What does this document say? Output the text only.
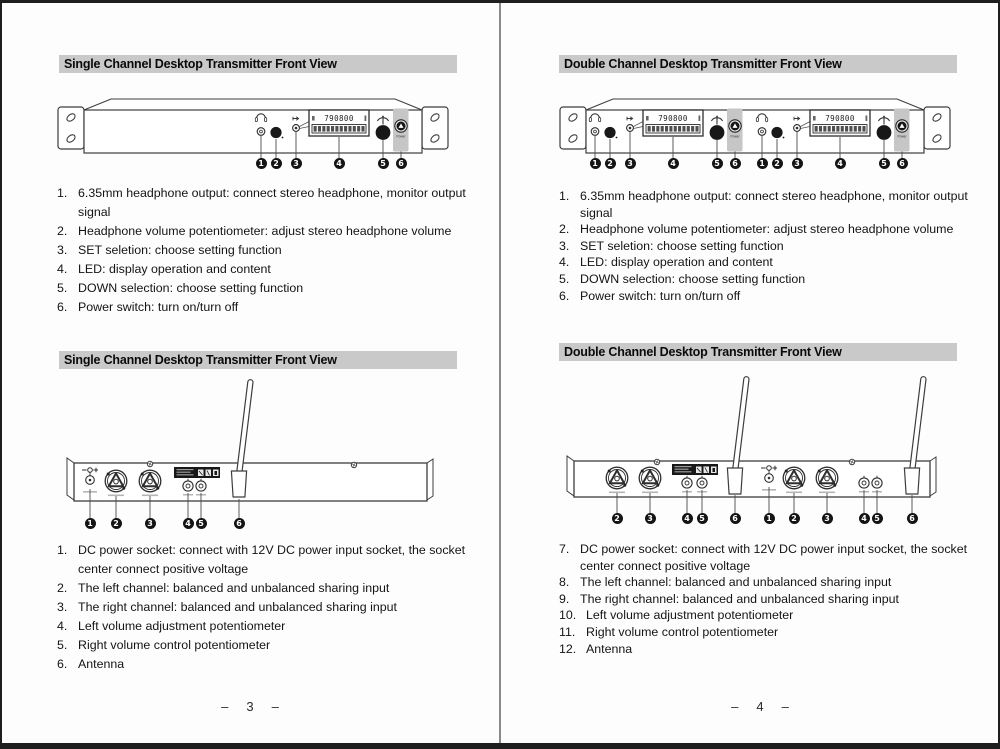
Single Channel Desktop Transmitter Front View
790800
Power
1	2	3	4	5	6
1. 6.35mm headphone output: connect stereo headphone, monitor output
signal
2. Headphone volume potentiometer: adjust stereo headphone volume
3. SET seletion: choose setting function
4. LED: display operation and content
5. DOWN selection: choose setting function
6. Power switch: turn on/turn off
Single Channel Desktop Transmitter Front View
1	2	3	4 5	6
1. DC power socket: connect with 12V DC power input socket, the socket
center connect positive voltage
2. The left channel: balanced and unbalanced sharing input
3. The right channel: balanced and unbalanced sharing input
4. Left volume adjustment potentiometer
5. Right volume control potentiometer
6. Antenna
– 3 –
Double Channel Desktop Transmitter Front View
790800	790800
Power	Power
1	2	3	4	5	6	1	2	3	4	5	6
1. 6.35mm headphone output: connect stereo headphone, monitor output
signal
2. Headphone volume potentiometer: adjust stereo headphone volume
3. SET seletion: choose setting function
4. LED: display operation and content
5. DOWN selection: choose setting function
6. Power switch: turn on/turn off
Double Channel Desktop Transmitter Front View
2	3	4	5	6	1	2	3	4 5	6
7. DC power socket: connect with 12V DC power input socket, the socket
center connect positive voltage
8. The left channel: balanced and unbalanced sharing input
9. The right channel: balanced and unbalanced sharing input
10. Left volume adjustment potentiometer
11. Right volume control potentiometer
12. Antenna
– 4 –
